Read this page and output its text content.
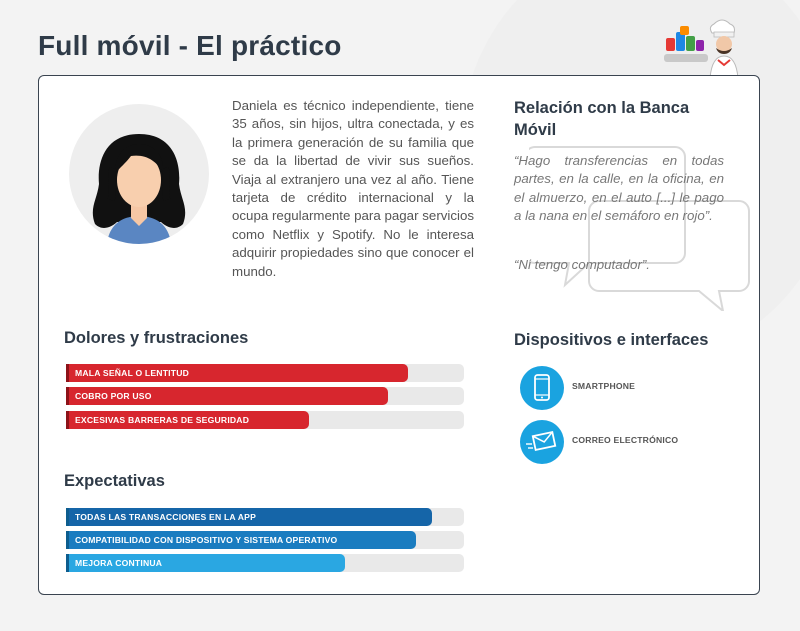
Full móvil - El práctico

Daniela es técnico independiente, tiene 35 años, sin hijos, ultra conectada, y es la primera generación de su familia que se da la libertad de vivir sus sueños. Viaja al extranjero una vez al año. Tiene tarjeta de crédito internacional y la ocupa regularmente para pagar servicios como Netflix y Spotify. No le interesa adquirir propiedades sino que conocer el mundo.

Relación con la Banca Móvil

“Hago transferencias en todas partes, en la calle, en la oficina, en el almuerzo, en el auto [...] le pago a la nana en el semáforo en rojo”.

“Ni tengo computador”.

Dolores y frustraciones
MALA SEÑAL O LENTITUD
COBRO POR USO
EXCESIVAS BARRERAS DE SEGURIDAD
Expectativas
TODAS LAS TRANSACCIONES EN LA APP
COMPATIBILIDAD CON DISPOSITIVO Y SISTEMA OPERATIVO
MEJORA CONTINUA
Dispositivos e interfaces
SMARTPHONE
CORREO ELECTRÓNICO
